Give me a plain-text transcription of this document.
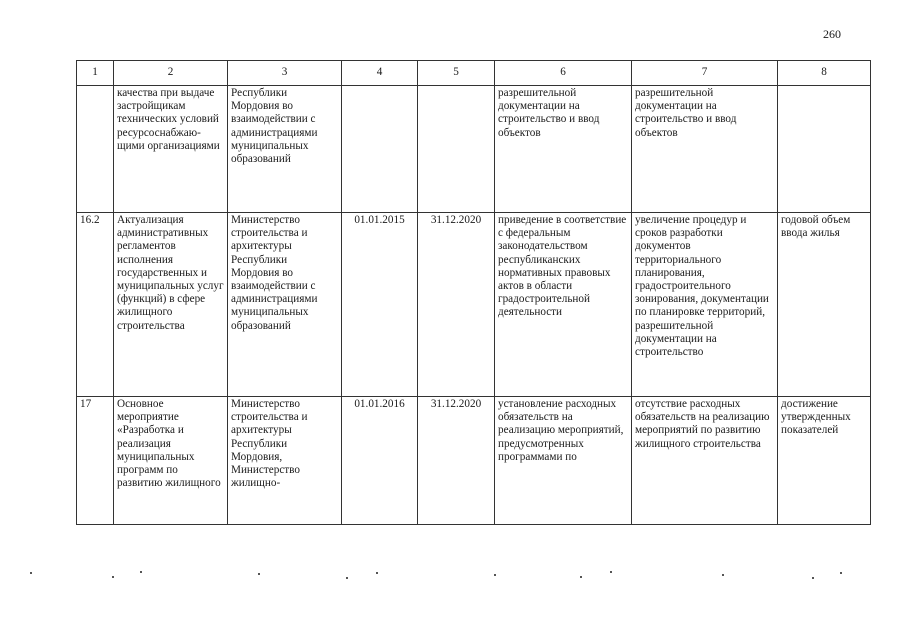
260
1	2	3	4	5	6	7	8
	качества при выдаче застройщикам технических условий ресурсоснабжаю-щими организациями	Республики Мордовия во взаимодействии с администрациями муниципальных образований			разрешительной документации на строительство и ввод объектов	разрешительной документации на строительство и ввод объектов	
16.2	Актуализация административных регламентов исполнения государственных и муниципальных услуг (функций) в сфере жилищного строительства	Министерство строительства и архитектуры Республики Мордовия во взаимодействии с администрациями муниципальных образований	01.01.2015	31.12.2020	приведение в соответствие с федеральным законодательством республиканских нормативных правовых актов в области градостроительной деятельности	увеличение процедур и сроков разработки документов территориального планирования, градостроительного зонирования, документации по планировке территорий, разрешительной документации на строительство	годовой объем ввода жилья
17	Основное мероприятие «Разработка и реализация муниципальных программ по развитию жилищного	Министерство строительства и архитектуры Республики Мордовия, Министерство жилищно-	01.01.2016	31.12.2020	установление расходных обязательств на реализацию мероприятий, предусмотренных программами по	отсутствие расходных обязательств на реализацию мероприятий по развитию жилищного строительства	достижение утвержденных показателей
